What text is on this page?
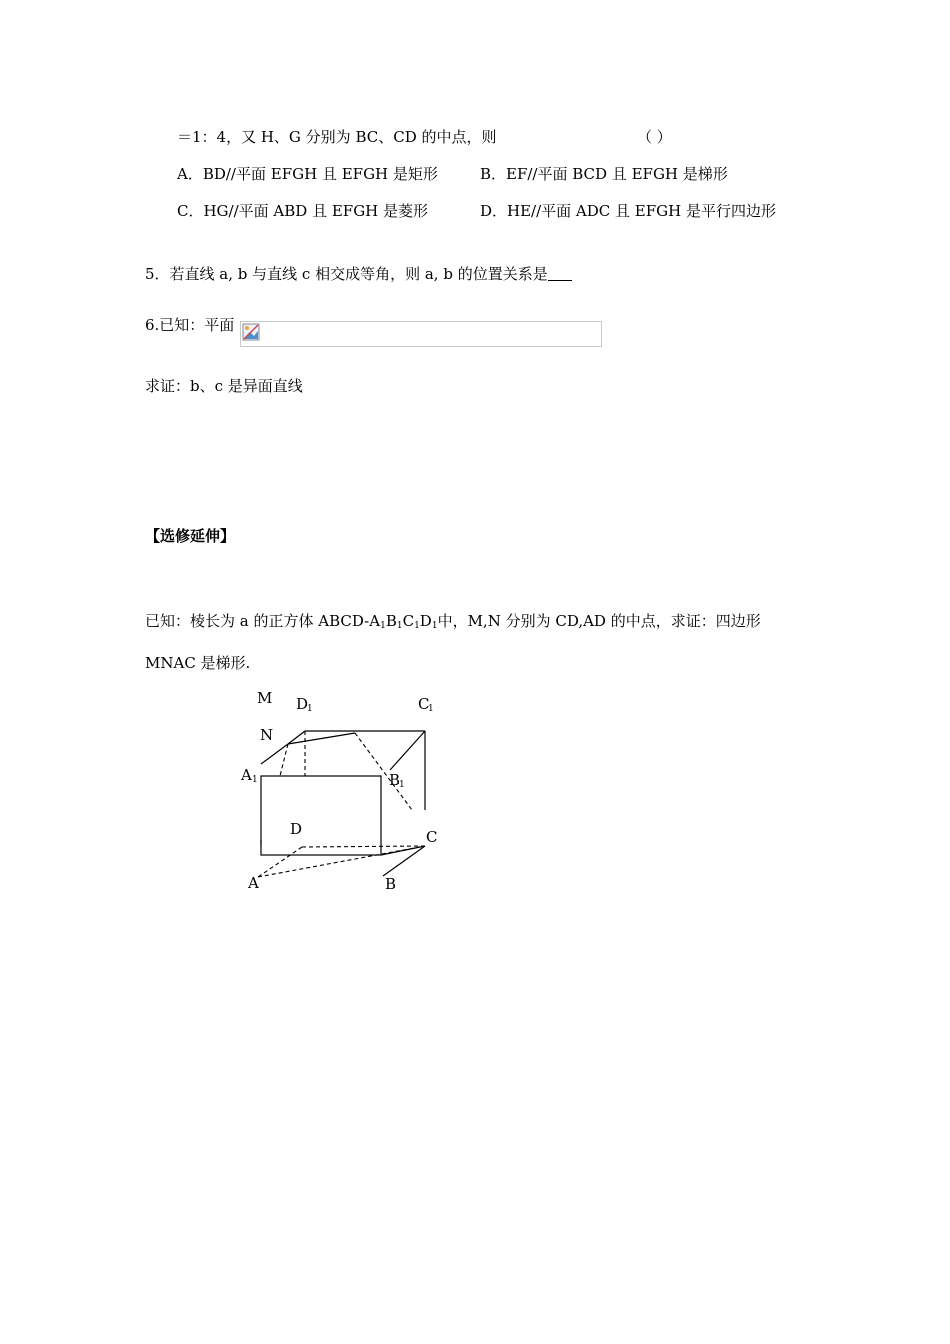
＝1：4，又 H、G 分别为 BC、CD 的中点，则	（ ）
A．BD//平面 EFGH 且 EFGH 是矩形	B．EF//平面 BCD 且 EFGH 是梯形
C．HG//平面 ABD 且 EFGH 是菱形	D．HE//平面 ADC 且 EFGH 是平行四边形
5．若直线 a, b 与直线 c 相交成等角，则 a, b 的位置关系是
6.已知：平面
求证：b、c 是异面直线
【选修延伸】
已知：棱长为 a 的正方体 ABCD-$A_1B_1C_1D_1$中，M,N 分别为 CD,AD 的中点，求证：四边形
MNAC 是梯形.
M D
1	C
1
N
A 1	B
1
D	C
A	B
